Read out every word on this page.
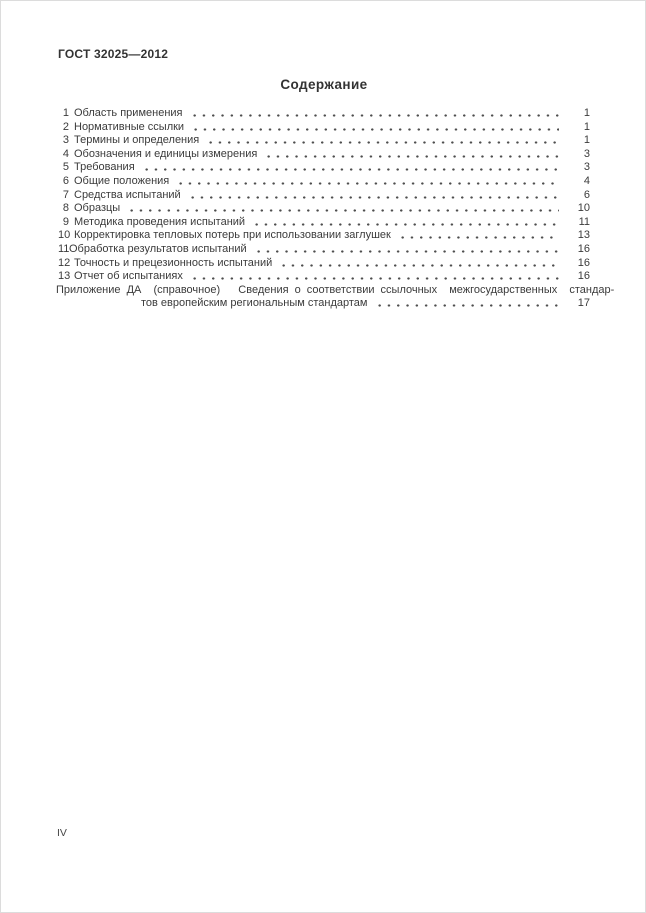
ГОСТ 32025—2012
Содержание
1 Область применения	1
2 Нормативные ссылки	1
3 Термины и определения	1
4 Обозначения и единицы измерения	3
5 Требования	3
6 Общие положения	4
7 Средства испытаний	6
8 Образцы	10
9 Методика проведения испытаний	11
10 Корректировка тепловых потерь при использовании заглушек	13
11 Обработка результатов испытаний	16
12 Точность и прецезионность испытаний	16
13 Отчет об испытаниях	16
Приложение ДА  (справочное)   Сведения о соответствии ссылочных  межгосударственных  стандар-
тов европейским региональным стандартам	17
IV
